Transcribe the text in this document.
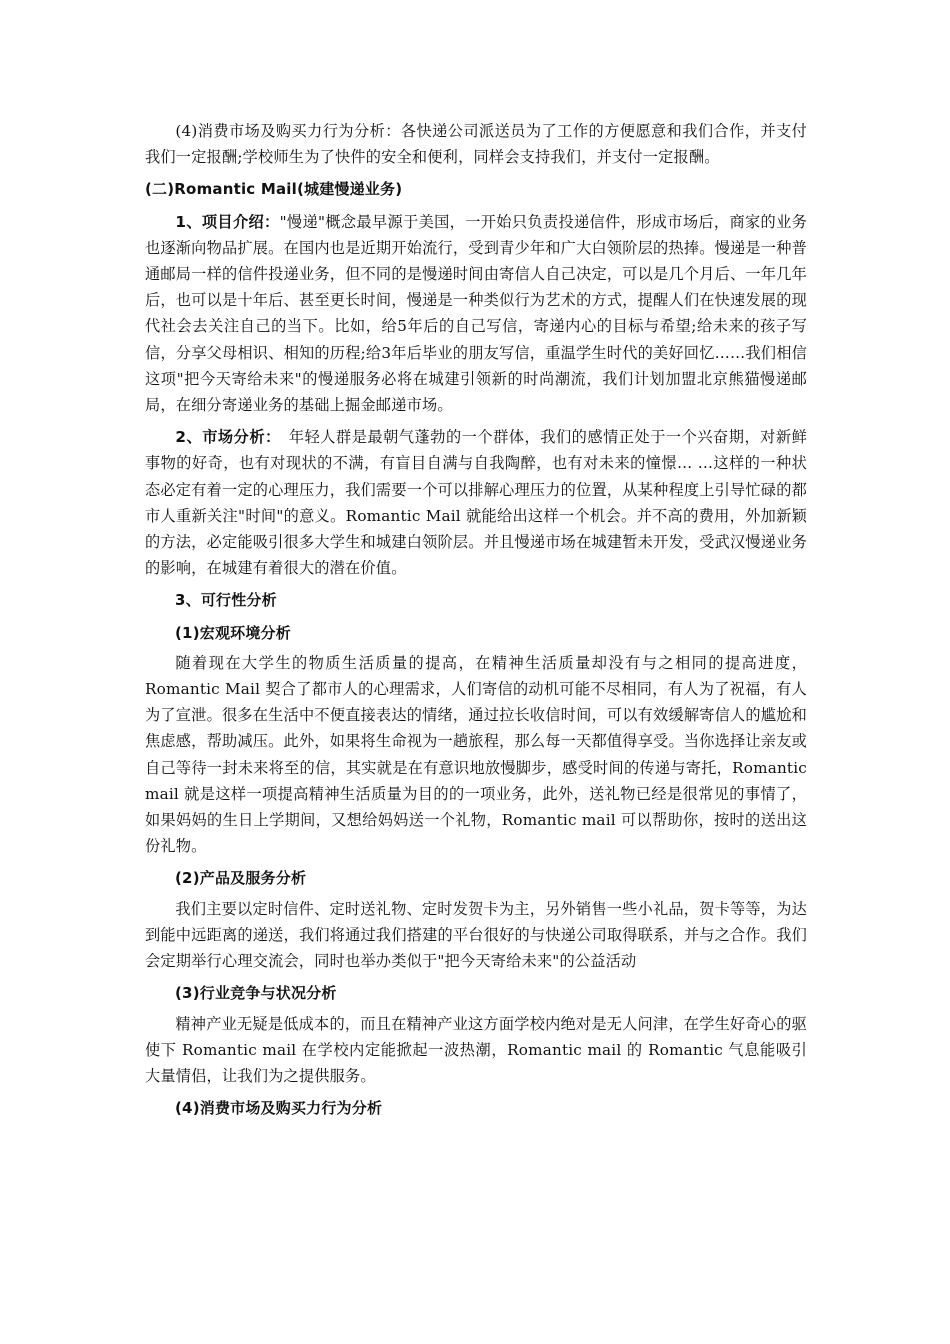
(4)消费市场及购买力行为分析：各快递公司派送员为了工作的方便愿意和我们合作，并支付我们一定报酬;学校师生为了快件的安全和便利，同样会支持我们，并支付一定报酬。

(二)Romantic Mail(城建慢递业务)

1、项目介绍："慢递"概念最早源于美国，一开始只负责投递信件，形成市场后，商家的业务也逐渐向物品扩展。在国内也是近期开始流行，受到青少年和广大白领阶层的热捧。慢递是一种普通邮局一样的信件投递业务，但不同的是慢递时间由寄信人自己决定，可以是几个月后、一年几年后，也可以是十年后、甚至更长时间，慢递是一种类似行为艺术的方式，提醒人们在快速发展的现代社会去关注自己的当下。比如，给5年后的自己写信，寄递内心的目标与希望;给未来的孩子写信，分享父母相识、相知的历程;给3年后毕业的朋友写信，重温学生时代的美好回忆……我们相信这项"把今天寄给未来"的慢递服务必将在城建引领新的时尚潮流，我们计划加盟北京熊猫慢递邮局，在细分寄递业务的基础上掘金邮递市场。

2、市场分析：　年轻人群是最朝气蓬勃的一个群体，我们的感情正处于一个兴奋期，对新鲜事物的好奇，也有对现状的不满，有盲目自满与自我陶醉，也有对未来的憧憬… …这样的一种状态必定有着一定的心理压力，我们需要一个可以排解心理压力的位置，从某种程度上引导忙碌的都市人重新关注"时间"的意义。Romantic Mail 就能给出这样一个机会。并不高的费用，外加新颖的方法，必定能吸引很多大学生和城建白领阶层。并且慢递市场在城建暂未开发，受武汉慢递业务的影响，在城建有着很大的潜在价值。

3、可行性分析

(1)宏观环境分析

随着现在大学生的物质生活质量的提高，在精神生活质量却没有与之相同的提高进度，Romantic Mail 契合了都市人的心理需求，人们寄信的动机可能不尽相同，有人为了祝福，有人为了宣泄。很多在生活中不便直接表达的情绪，通过拉长收信时间，可以有效缓解寄信人的尴尬和焦虑感，帮助减压。此外，如果将生命视为一趟旅程，那么每一天都值得享受。当你选择让亲友或自己等待一封未来将至的信，其实就是在有意识地放慢脚步，感受时间的传递与寄托，Romantic mail 就是这样一项提高精神生活质量为目的的一项业务，此外，送礼物已经是很常见的事情了，如果妈妈的生日上学期间，又想给妈妈送一个礼物，Romantic mail 可以帮助你，按时的送出这份礼物。

(2)产品及服务分析

我们主要以定时信件、定时送礼物、定时发贺卡为主，另外销售一些小礼品，贺卡等等，为达到能中远距离的递送，我们将通过我们搭建的平台很好的与快递公司取得联系，并与之合作。我们会定期举行心理交流会，同时也举办类似于"把今天寄给未来"的公益活动

(3)行业竞争与状况分析

精神产业无疑是低成本的，而且在精神产业这方面学校内绝对是无人问津，在学生好奇心的驱使下 Romantic mail 在学校内定能掀起一波热潮，Romantic mail 的 Romantic 气息能吸引大量情侣，让我们为之提供服务。

(4)消费市场及购买力行为分析
